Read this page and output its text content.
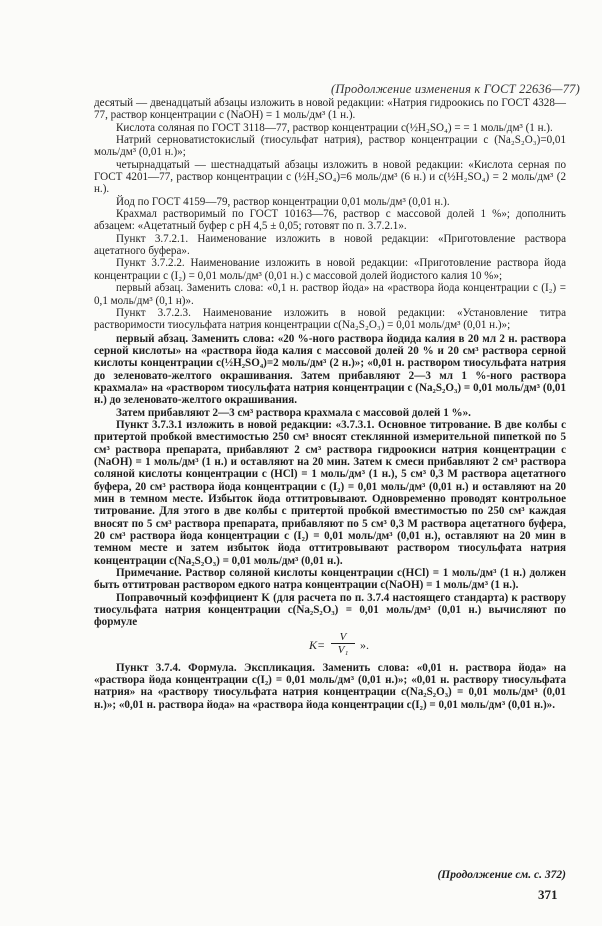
(Продолжение изменения к ГОСТ 22636—77)

десятый — двенадцатый абзацы изложить в новой редакции: «Натрия гидроокись по ГОСТ 4328—77, раствор концентрации c (NaOH) = 1 моль/дм³ (1 н.).

Кислота соляная по ГОСТ 3118—77, раствор концентрации c(½H₂SO₄) = = 1 моль/дм³ (1 н.).

Натрий серноватистокислый (тиосульфат натрия), раствор концентрации c (Na₂S₂O₃)=0,01 моль/дм³ (0,01 н.)»;

четырнадцатый — шестнадцатый абзацы изложить в новой редакции: «Кислота серная по ГОСТ 4201—77, раствор концентрации c (½H₂SO₄)=6 моль/дм³ (6 н.) и c(½H₂SO₄) = 2 моль/дм³ (2 н.).

Йод по ГОСТ 4159—79, раствор концентрации 0,01 моль/дм³ (0,01 н.).

Крахмал растворимый по ГОСТ 10163—76, раствор с массовой долей 1 %»; дополнить абзацем: «Ацетатный буфер с pH 4,5 ± 0,05; готовят по п. 3.7.2.1».

Пункт 3.7.2.1. Наименование изложить в новой редакции: «Приготовление раствора ацетатного буфера».

Пункт 3.7.2.2. Наименование изложить в новой редакции: «Приготовление раствора йода концентрации c (I₂) = 0,01 моль/дм³ (0,01 н.) с массовой долей йодистого калия 10 %»;

первый абзац. Заменить слова: «0,1 н. раствор йода» на «раствора йода концентрации c (I₂) = 0,1 моль/дм³ (0,1 н)».

Пункт 3.7.2.3. Наименование изложить в новой редакции: «Установление титра растворимости тиосульфата натрия концентрации c(Na₂S₂O₃) = 0,01 моль/дм³ (0,01 н.)»;

первый абзац. Заменить слова: «20 %-ного раствора йодида калия в 20 мл 2 н. раствора серной кислоты» на «раствора йода калия с массовой долей 20 % и 20 см³ раствора серной кислоты концентрации c(½H₂SO₄)=2 моль/дм³ (2 н.)»; «0,01 н. раствором тиосульфата натрия до зеленовато-желтого окрашивания. Затем прибавляют 2—3 мл 1 %-ного раствора крахмала» на «раствором тиосульфата натрия концентрации c (Na₂S₂O₃) = 0,01 моль/дм³ (0,01 н.) до зеленовато-желтого окрашивания.

Затем прибавляют 2—3 см³ раствора крахмала с массовой долей 1 %».

Пункт 3.7.3.1 изложить в новой редакции: «3.7.3.1. Основное титрование. В две колбы с притертой пробкой вместимостью 250 см³ вносят стеклянной измерительной пипеткой по 5 см³ раствора препарата, прибавляют 2 см³ раствора гидроокиси натрия концентрации c (NaOH) = 1 моль/дм³ (1 н.) и оставляют на 20 мин. Затем к смеси прибавляют 2 см³ раствора соляной кислоты концентрации c (HCl) = 1 моль/дм³ (1 н.), 5 см³ 0,3 М раствора ацетатного буфера, 20 см³ раствора йода концентрации c (I₂) = 0,01 моль/дм³ (0,01 н.) и оставляют на 20 мин в темном месте. Избыток йода оттитровывают. Одновременно проводят контрольное титрование. Для этого в две колбы с притертой пробкой вместимостью по 250 см³ каждая вносят по 5 см³ раствора препарата, прибавляют по 5 см³ 0,3 М раствора ацетатного буфера, 20 см³ раствора йода концентрации c (I₂) = 0,01 моль/дм³ (0,01 н.), оставляют на 20 мин в темном месте и затем избыток йода оттитровывают раствором тиосульфата натрия концентрации c(Na₂S₂O₃) = 0,01 моль/дм³ (0,01 н.).

Примечание. Раствор соляной кислоты концентрации c(HCl) = 1 моль/дм³ (1 н.) должен быть оттитрован раствором едкого натра концентрации c(NaOH) = 1 моль/дм³ (1 н.).

Поправочный коэффициент K (для расчета по п. 3.7.4 настоящего стандарта) к раствору тиосульфата натрия концентрации c(Na₂S₂O₃) = 0,01 моль/дм³ (0,01 н.) вычисляют по формуле

$K= \frac{V}{\text{V₁}}$ ».

Пункт 3.7.4. Формула. Экспликация. Заменить слова: «0,01 н. раствора йода» на «раствора йода концентрации c(I₂) = 0,01 моль/дм³ (0,01 н.)»; «0,01 н. раствору тиосульфата натрия» на «раствору тиосульфата натрия концентрации c(Na₂S₂O₃) = 0,01 моль/дм³ (0,01 н.)»; «0,01 н. раствора йода» на «раствора йода концентрации c(I₂) = 0,01 моль/дм³ (0,01 н.)».

(Продолжение см. с. 372)
371
